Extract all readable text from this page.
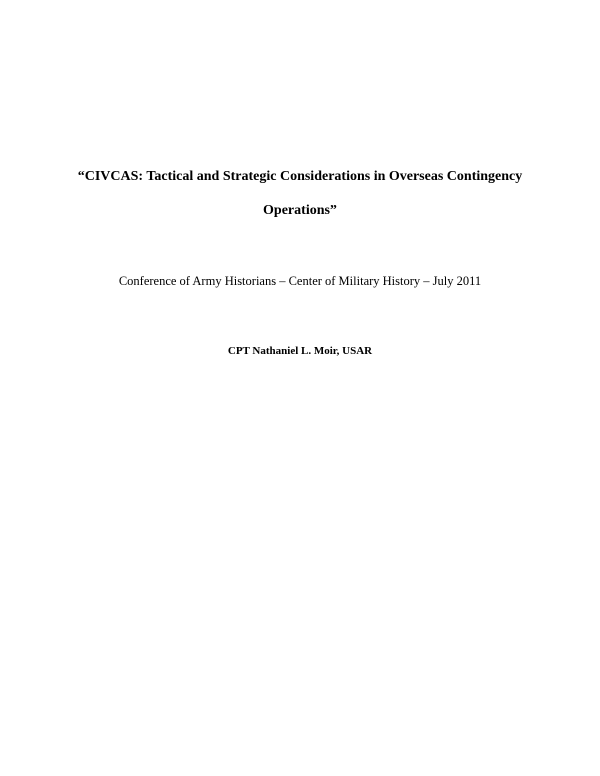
“CIVCAS: Tactical and Strategic Considerations in Overseas Contingency
Operations”
Conference of Army Historians – Center of Military History – July 2011
CPT Nathaniel L. Moir, USAR
